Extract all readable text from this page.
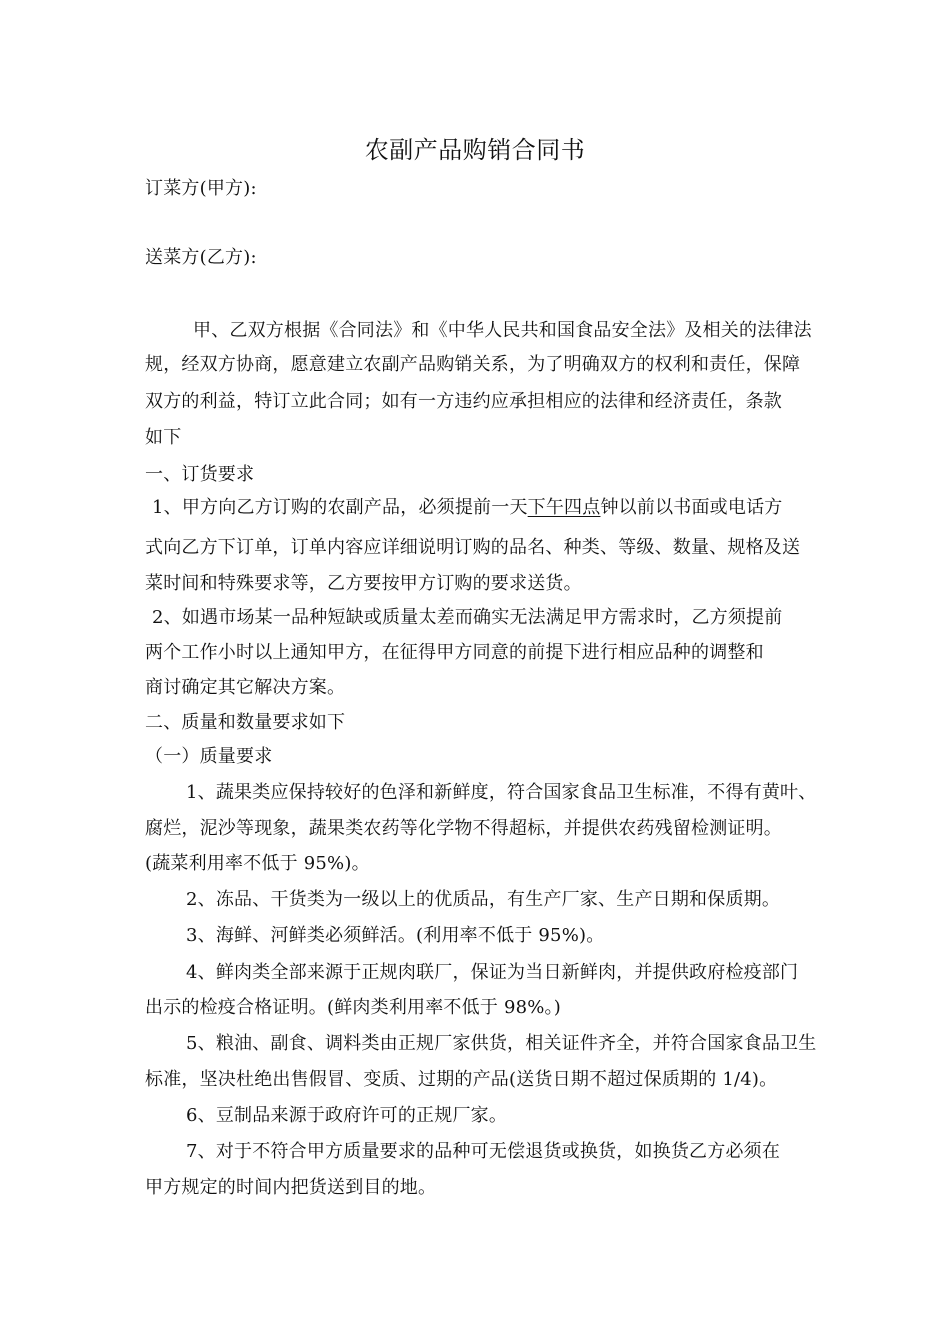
农副产品购销合同书
订菜方(甲方):
送菜方(乙方):
甲、乙双方根据《合同法》和《中华人民共和国食品安全法》及相关的法律法
规，经双方协商，愿意建立农副产品购销关系，为了明确双方的权利和责任，保障
双方的利益，特订立此合同；如有一方违约应承担相应的法律和经济责任，条款
如下
一、订货要求
1、甲方向乙方订购的农副产品，必须提前一天下午四点钟以前以书面或电话方
式向乙方下订单，订单内容应详细说明订购的品名、种类、等级、数量、规格及送
菜时间和特殊要求等，乙方要按甲方订购的要求送货。
2、如遇市场某一品种短缺或质量太差而确实无法满足甲方需求时，乙方须提前
两个工作小时以上通知甲方，在征得甲方同意的前提下进行相应品种的调整和
商讨确定其它解决方案。
二、质量和数量要求如下
（一）质量要求
1、蔬果类应保持较好的色泽和新鲜度，符合国家食品卫生标准，不得有黄叶、
腐烂，泥沙等现象，蔬果类农药等化学物不得超标，并提供农药残留检测证明。
(蔬菜利用率不低于 95%)。
2、冻品、干货类为一级以上的优质品，有生产厂家、生产日期和保质期。
3、海鲜、河鲜类必须鲜活。(利用率不低于 95%)。
4、鲜肉类全部来源于正规肉联厂，保证为当日新鲜肉，并提供政府检疫部门
出示的检疫合格证明。(鲜肉类利用率不低于 98%。)
5、粮油、副食、调料类由正规厂家供货，相关证件齐全，并符合国家食品卫生
标准，坚决杜绝出售假冒、变质、过期的产品(送货日期不超过保质期的 1/4)。
6、豆制品来源于政府许可的正规厂家。
7、对于不符合甲方质量要求的品种可无偿退货或换货，如换货乙方必须在
甲方规定的时间内把货送到目的地。
